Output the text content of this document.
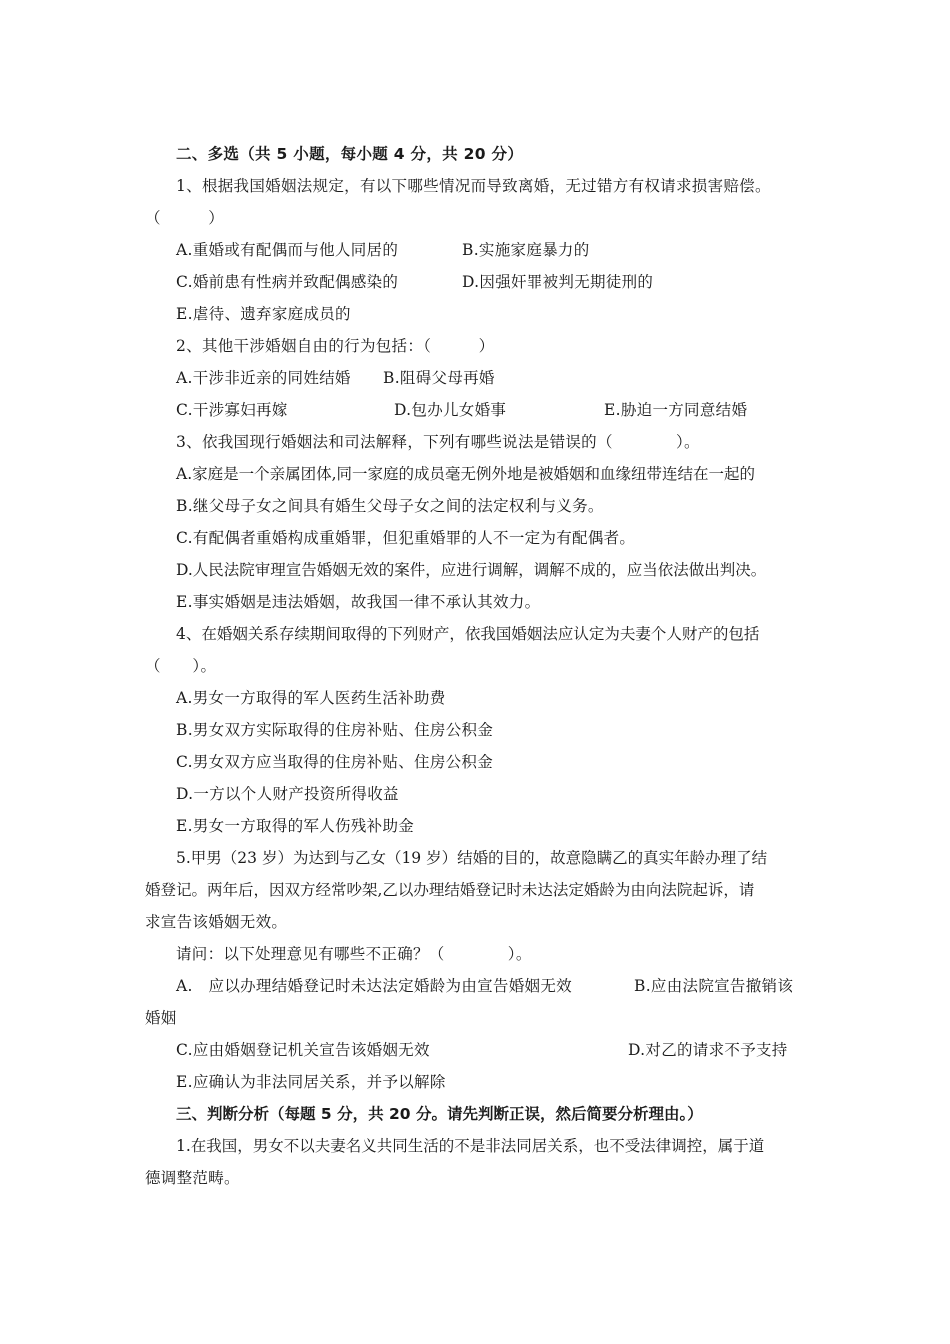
二、多选（共 5 小题，每小题 4 分，共 20 分）
1、根据我国婚姻法规定，有以下哪些情况而导致离婚，无过错方有权请求损害赔偿。
（　　　）
A.重婚或有配偶而与他人同居的	B.实施家庭暴力的
C.婚前患有性病并致配偶感染的	D.因强奸罪被判无期徒刑的
E.虐待、遗弃家庭成员的
2、其他干涉婚姻自由的行为包括：（　　　）
A.干涉非近亲的同姓结婚 B.阻碍父母再婚
C.干涉寡妇再嫁	D.包办儿女婚事	E.胁迫一方同意结婚
3、依我国现行婚姻法和司法解释，下列有哪些说法是错误的（　　　　）。
A.家庭是一个亲属团体,同一家庭的成员毫无例外地是被婚姻和血缘纽带连结在一起的
B.继父母子女之间具有婚生父母子女之间的法定权利与义务。
C.有配偶者重婚构成重婚罪，但犯重婚罪的人不一定为有配偶者。
D.人民法院审理宣告婚姻无效的案件，应进行调解，调解不成的，应当依法做出判决。
E.事实婚姻是违法婚姻，故我国一律不承认其效力。
4、在婚姻关系存续期间取得的下列财产，依我国婚姻法应认定为夫妻个人财产的包括
（　　）。
A.男女一方取得的军人医药生活补助费
B.男女双方实际取得的住房补贴、住房公积金
C.男女双方应当取得的住房补贴、住房公积金
D.一方以个人财产投资所得收益
E.男女一方取得的军人伤残补助金
5.甲男（23 岁）为达到与乙女（19 岁）结婚的目的，故意隐瞒乙的真实年龄办理了结
婚登记。两年后，因双方经常吵架,乙以办理结婚登记时未达法定婚龄为由向法院起诉，请
求宣告该婚姻无效。
请问：以下处理意见有哪些不正确？（　　　　）。
A.　应以办理结婚登记时未达法定婚龄为由宣告婚姻无效	B.应由法院宣告撤销该
婚姻
C.应由婚姻登记机关宣告该婚姻无效	D.对乙的请求不予支持
E.应确认为非法同居关系，并予以解除
三、判断分析（每题 5 分，共 20 分。请先判断正误，然后简要分析理由。）
1.在我国，男女不以夫妻名义共同生活的不是非法同居关系，也不受法律调控，属于道
德调整范畴。
